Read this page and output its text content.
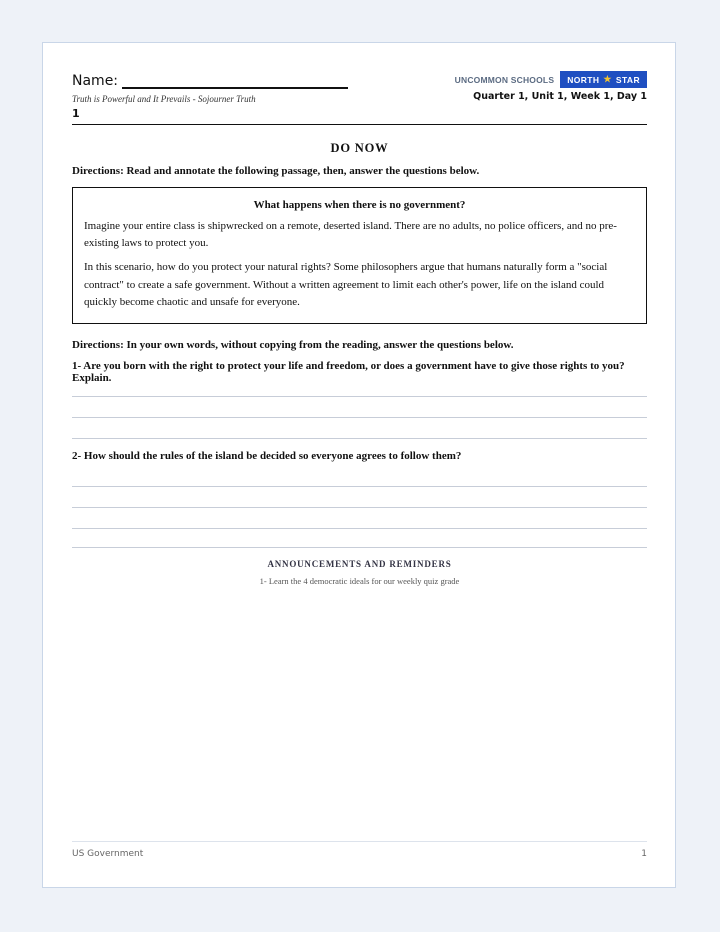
Name:	UNCOMMON SCHOOLS NORTH ★ STAR
Truth is Powerful and It Prevails - Sojourner Truth	Quarter 1, Unit 1, Week 1, Day 1
1
DO NOW
Directions: Read and annotate the following passage, then, answer the questions below.
What happens when there is no government?

Imagine your entire class is shipwrecked on a remote, deserted island. There are no adults, no police officers, and no pre-existing laws to protect you.

In this scenario, how do you protect your natural rights? Some philosophers argue that humans naturally form a "social contract" to create a safe government. Without a written agreement to limit each other's power, life on the island could quickly become chaotic and unsafe for everyone.

Directions: In your own words, without copying from the reading, answer the questions below.
1- Are you born with the right to protect your life and freedom, or does a government have to give those rights to you? Explain.
2- How should the rules of the island be decided so everyone agrees to follow them?
ANNOUNCEMENTS AND REMINDERS
1- Learn the 4 democratic ideals for our weekly quiz grade
US Government	1
